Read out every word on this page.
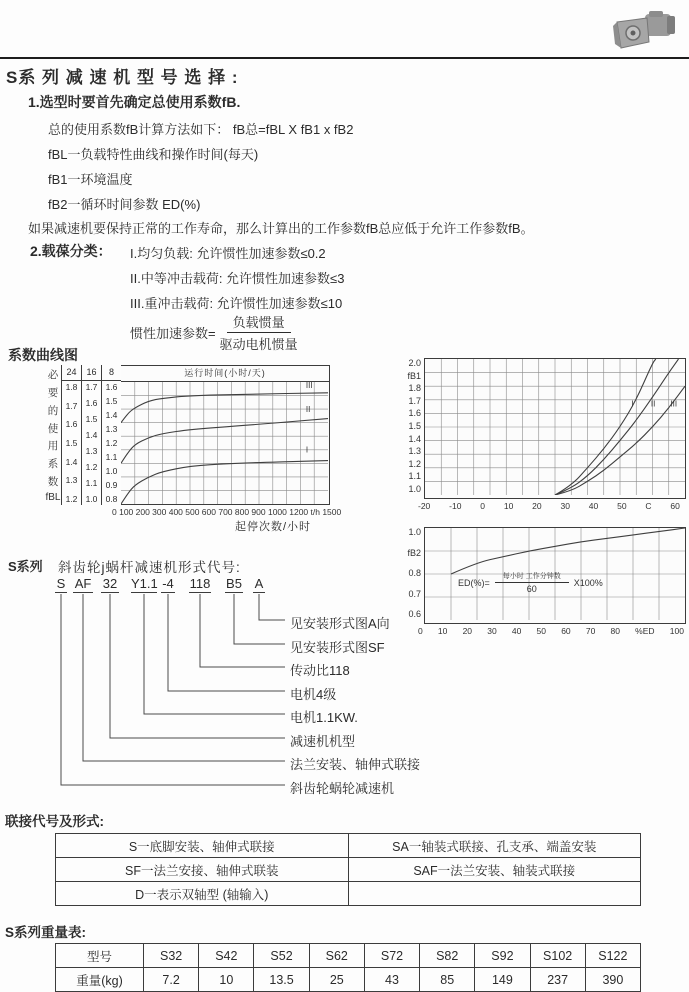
S系 列 减 速 机 型 号 选 择 :
1.选型时要首先确定总使用系数fB.
总的使用系数fB计算方法如下： fB总=fBL X fB1 x fB2
fBL一负载特性曲线和操作时间(每天)
fB1一环境温度
fB2一循环时间参数 ED(%)
如果减速机要保持正常的工作寿命，那么计算出的工作参数fB总应低于允许工作参数fB。
2.载葆分类： I.均匀负载: 允许惯性加速参数≤0.2
II.中等冲击载荷: 允许惯性加速参数≤3
III.重冲击载荷: 允许惯性加速参数≤10
惯性加速参数= $\frac{\text{负载惯量}}{\text{驱动电机惯量}}$
系数曲线图
必
要
的
使
用
系
数
fBL
24
1.8
1.7
1.6
1.5
1.4
1.3
1.2
16
1.7
1.6
1.5
1.4
1.3
1.2
1.1
1.0
8
1.6
1.5
1.4
1.3
1.2
1.1
1.0
0.9
0.8
运行时间(小时/天)
III
II
I
0 100 200 300 400 500 600 700 800 900 1000 1200 t/h 1500
起停次数/小时
2.0
fB1
1.8
1.7
1.6
1.5
1.4
1.3
1.2
1.1
1.0
I II III
-20 -10 0 10 20 30 40 50 C 60
1.0
fB2
0.8
0.7
0.6
$ED(\%)= \frac{\text{每小时 工作分钟数}}{60} X100\%$
0 10 20 30 40 50 60 70 80 %ED 100
S系列 斜齿轮j蜗杆减速机形式代号:
S AF 32 Y1.1 -4 118 B5 A
见安装形式图A向
见安装形式图SF
传动比118
电机4级
电机1.1KW.
减速机机型
法兰安装、轴伸式联接
斜齿轮蜗轮减速机
联接代号及形式:
S一底脚安装、轴伸式联接	SA一轴装式联接、孔支承、端盖安装
SF一法兰安接、轴伸式联装	SAF一法兰安装、轴装式联接
D一表示双轴型 (轴输入)	
S系列重量表:
型号	S32	S42	S52	S62	S72	S82	S92	S102	S122
重量(kg)	7.2	10	13.5	25	43	85	149	237	390
